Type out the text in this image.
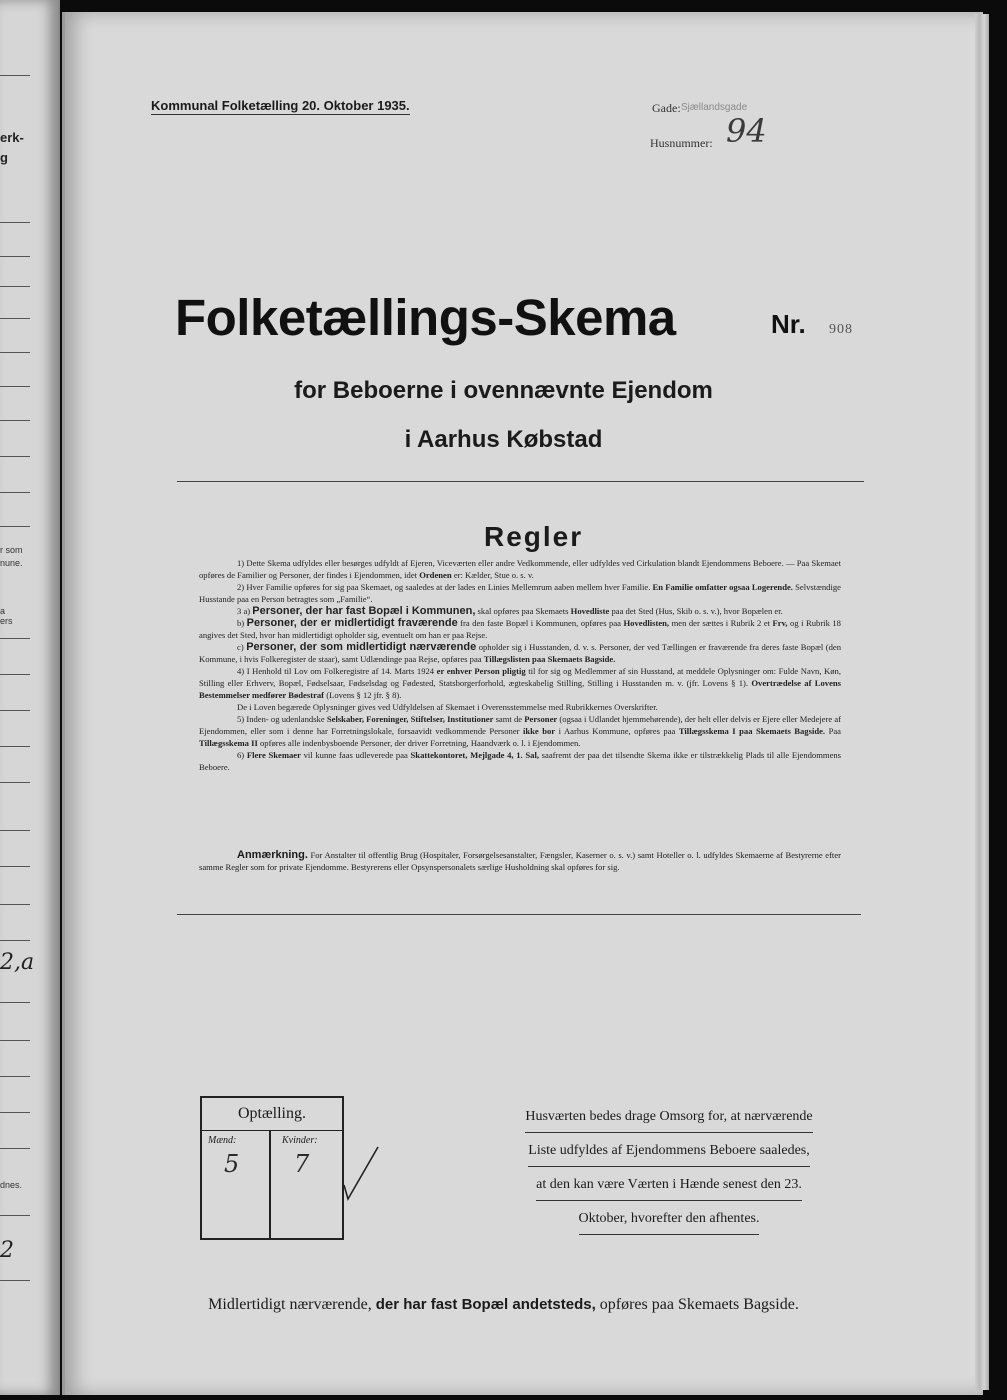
erk-
g
r som
nune.
a
ers
2,a
dnes.
2
Kommunal Folketælling 20. Oktober 1935.	Gade: Sjællandsgade
Husnummer: 94
Folketællings-Skema	Nr. 908
for Beboerne i ovennævnte Ejendom
i Aarhus Købstad
Regler

1) Dette Skema udfyldes eller besørges udfyldt af Ejeren, Viceværten eller andre Vedkommende, eller udfyldes ved Cirkulation blandt Ejendommens Beboere. — Paa Skemaet opføres de Familier og Personer, der findes i Ejendommen, idet Ordenen er: Kælder, Stue o. s. v.

2) Hver Familie opføres for sig paa Skemaet, og saaledes at der lades en Linies Mellemrum aaben mellem hver Familie. En Familie omfatter ogsaa Logerende. Selvstændige Husstande paa en Person betragtes som „Familie“.

3 a) Personer, der har fast Bopæl i Kommunen, skal opføres paa Skemaets Hovedliste paa det Sted (Hus, Skib o. s. v.), hvor Bopælen er.

b) Personer, der er midlertidigt fraværende fra den faste Bopæl i Kommunen, opføres paa Hovedlisten, men der sættes i Rubrik 2 et Frv, og i Rubrik 18 angives det Sted, hvor han midlertidigt opholder sig, eventuelt om han er paa Rejse.

c) Personer, der som midlertidigt nærværende opholder sig i Husstanden, d. v. s. Personer, der ved Tællingen er fraværende fra deres faste Bopæl (den Kommune, i hvis Folkeregister de staar), samt Udlændinge paa Rejse, opføres paa Tillægslisten paa Skemaets Bagside.

4) I Henhold til Lov om Folkeregistre af 14. Marts 1924 er enhver Person pligtig til for sig og Medlemmer af sin Husstand, at meddele Oplysninger om: Fulde Navn, Køn, Stilling eller Erhverv, Bopæl, Fødselsaar, Fødselsdag og Fødested, Statsborgerforhold, ægteskabelig Stilling, Stilling i Husstanden m. v. (jfr. Lovens § 1). Overtrædelse af Lovens Bestemmelser medfører Bødestraf (Lovens § 12 jfr. § 8).

De i Loven begærede Oplysninger gives ved Udfyldelsen af Skemaet i Overensstemmelse med Rubrikkernes Overskrifter.

5) Inden- og udenlandske Selskaber, Foreninger, Stiftelser, Institutioner samt de Personer (ogsaa i Udlandet hjemmehørende), der helt eller delvis er Ejere eller Medejere af Ejendommen, eller som i denne har Forretningslokale, forsaavidt vedkommende Personer ikke bor i Aarhus Kommune, opføres paa Tillægsskema I paa Skemaets Bagside. Paa Tillægsskema II opføres alle indenbysboende Personer, der driver Forretning, Haandværk o. l. i Ejendommen.

6) Flere Skemaer vil kunne faas udleverede paa Skattekontoret, Mejlgade 4, 1. Sal, saafremt der paa det tilsendte Skema ikke er tilstrækkelig Plads til alle Ejendommens Beboere.

Anmærkning. For Anstalter til offentlig Brug (Hospitaler, Forsørgelsesanstalter, Fængsler, Kaserner o. s. v.) samt Hoteller o. l. udfyldes Skemaerne af Bestyrerne efter samme Regler som for private Ejendomme. Bestyrerens eller Opsynspersonalets særlige Husholdning skal opføres for sig.

Optælling.
Mænd:	Kvinder:
5 7
Husværten bedes drage Omsorg for, at nærværende
Liste udfyldes af Ejendommens Beboere saaledes,
at den kan være Værten i Hænde senest den 23.
Oktober, hvorefter den afhentes.
Midlertidigt nærværende, der har fast Bopæl andetsteds, opføres paa Skemaets Bagside.
